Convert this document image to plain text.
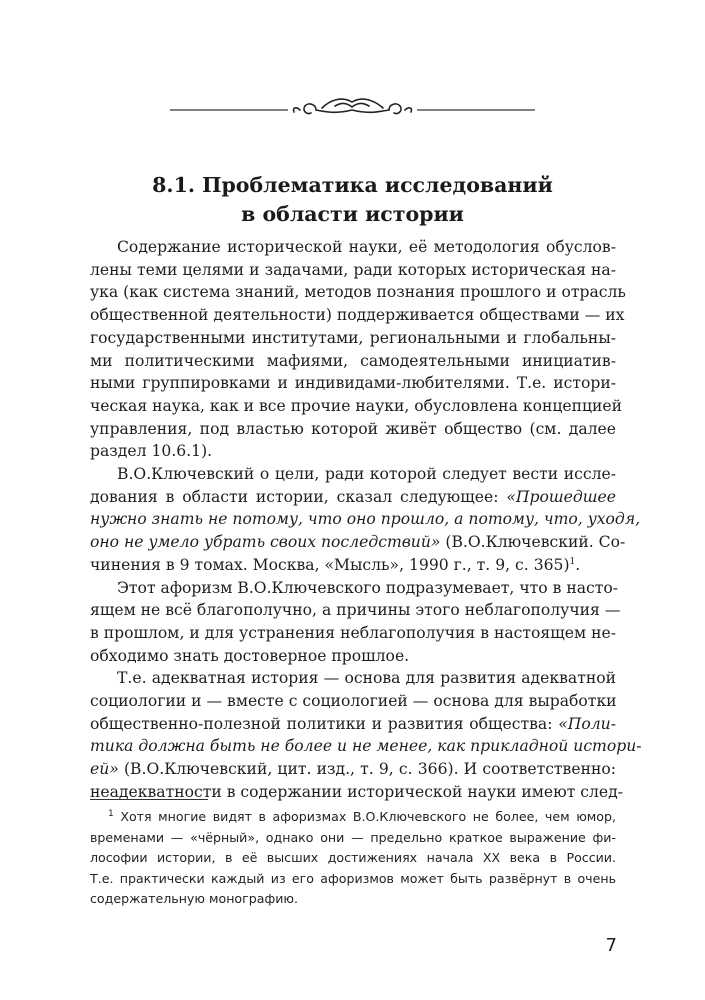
8.1. Проблематика исследований
в области истории
Содержание исторической науки, её методология обуслов-
лены теми целями и задачами, ради которых историческая на-
ука (как система знаний, методов познания прошлого и отрасль
общественной деятельности) поддерживается обществами — их
государственными институтами, региональными и глобальны-
ми политическими мафиями, самодеятельными инициатив-
ными группировками и индивидами-любителями. Т.е. истори-
ческая наука, как и все прочие науки, обусловлена концепцией
управления, под властью которой живёт общество (см. далее
раздел 10.6.1).
В.О.Ключевский о цели, ради которой следует вести иссле-
дования в области истории, сказал следующее: «Прошедшее
нужно знать не потому, что оно прошло, а потому, что, уходя,
оно не умело убрать своих последствий» (В.О.Ключевский. Со-
чинения в 9 томах. Москва, «Мысль», 1990 г., т. 9, с. 365)$^1$.
Этот афоризм В.О.Ключевского подразумевает, что в насто-
ящем не всё благополучно, а причины этого неблагополучия —
в прошлом, и для устранения неблагополучия в настоящем не-
обходимо знать достоверное прошлое.
Т.е. адекватная история — основа для развития адекватной
социологии и — вместе с социологией — основа для выработки
общественно-полезной политики и развития общества: «Поли-
тика должна быть не более и не менее, как прикладной истори-
ей» (В.О.Ключевский, цит. изд., т. 9, с. 366). И соответственно:
неадекватности в содержании исторической науки имеют след-
$^1$ Хотя многие видят в афоризмах В.О.Ключевского не более, чем юмор,
временами — «чёрный», однако они — предельно краткое выражение фи-
лософии истории, в её высших достижениях начала XX века в России.
Т.е. практически каждый из его афоризмов может быть развёрнут в очень
содержательную монографию.
7
